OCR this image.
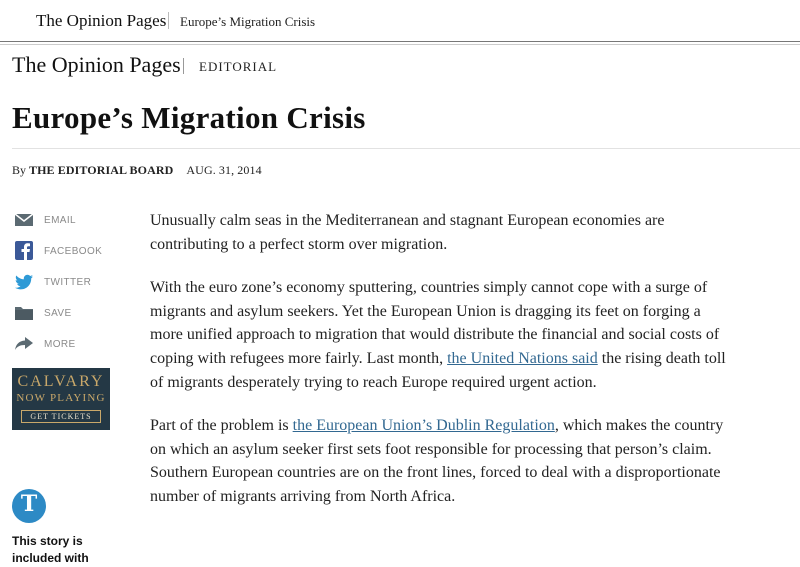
The Opinion Pages Europe’s Migration Crisis
The Opinion Pages EDITORIAL
Europe’s Migration Crisis
By THE EDITORIAL BOARD AUG. 31, 2014
EMAIL
FACEBOOK
TWITTER
SAVE
MORE
CALVARY
NOW PLAYING
GET TICKETS
T
This story is
included with

Unusually calm seas in the Mediterranean and stagnant European economies are contributing to a perfect storm over migration.

With the euro zone’s economy sputtering, countries simply cannot cope with a surge of migrants and asylum seekers. Yet the European Union is dragging its feet on forging a more unified approach to migration that would distribute the financial and social costs of coping with refugees more fairly. Last month, the United Nations said the rising death toll of migrants desperately trying to reach Europe required urgent action.

Part of the problem is the European Union’s Dublin Regulation, which makes the country on which an asylum seeker first sets foot responsible for processing that person’s claim. Southern European countries are on the front lines, forced to deal with a disproportionate number of migrants arriving from North Africa.
